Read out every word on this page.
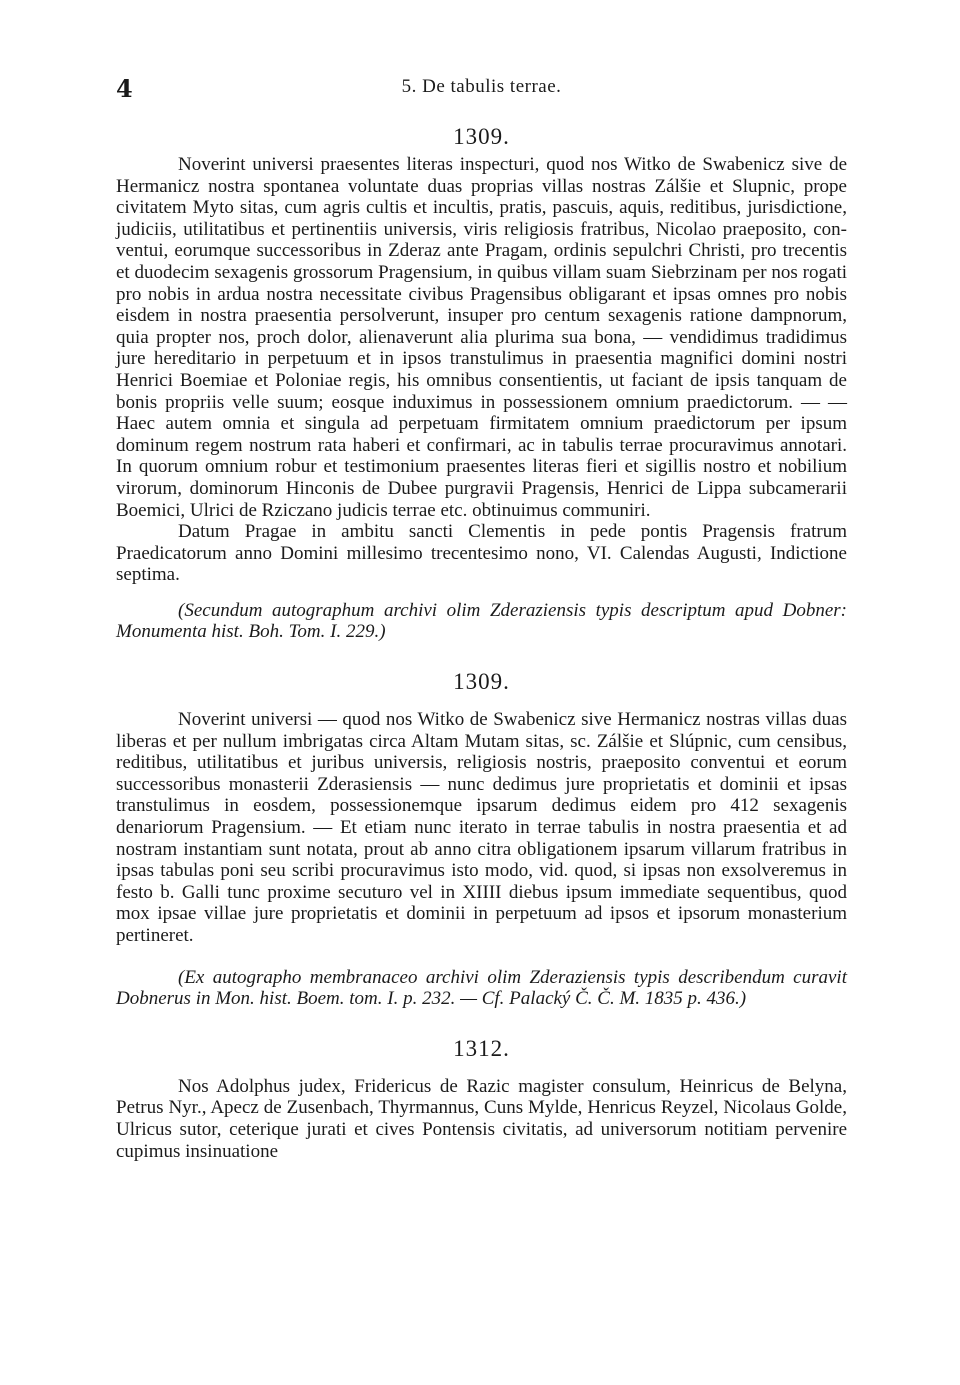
4	5. De tabulis terrae.
1309.

Noverint universi praesentes literas inspecturi, quod nos Witko de Swabenicz sive de Hermanicz nostra spontanea voluntate duas proprias villas nostras Zálšie et Slupnic, prope civitatem Myto sitas, cum agris cultis et incultis, pratis, pascuis, aquis, reditibus, jurisdictione, judiciis, utilitatibus et pertinentiis universis, viris religiosis fratribus, Nicolao praeposito, conventui, eorumque successoribus in Zderaz ante Pragam, ordinis sepulchri Christi, pro trecentis et duodecim sexagenis grossorum Pragensium, in quibus villam suam Siebrzinam per nos rogati pro nobis in ardua nostra necessitate civibus Pragensibus obligarant et ipsas omnes pro nobis eisdem in nostra praesentia persolverunt, insuper pro centum sexagenis ratione dampnorum, quia propter nos, proch dolor, alienaverunt alia plurima sua bona, — vendidimus tradidimus jure hereditario in perpetuum et in ipsos transtulimus in praesentia magnifici domini nostri Henrici Boemiae et Poloniae regis, his omnibus consentientis, ut faciant de ipsis tanquam de bonis propriis velle suum; eosque induximus in possessionem omnium praedictorum. — — Haec autem omnia et singula ad perpetuam firmitatem omnium praedictorum per ipsum dominum regem nostrum rata haberi et confirmari, ac in tabulis terrae procuravimus annotari. In quorum omnium robur et testimonium praesentes literas fieri et sigillis nostro et nobilium virorum, dominorum Hinconis de Dubee purgravii Pragensis, Henrici de Lippa subcamerarii Boemici, Ulrici de Rziczano judicis terrae etc. obtinuimus communiri.

Datum Pragae in ambitu sancti Clementis in pede pontis Pragensis fratrum Praedicatorum anno Domini millesimo trecentesimo nono, VI. Calendas Augusti, Indictione septima.

(Secundum autographum archivi olim Zderaziensis typis descriptum apud Dobner: Monumenta hist. Boh. Tom. I. 229.)

1309.

Noverint universi — quod nos Witko de Swabenicz sive Hermanicz nostras villas duas liberas et per nullum imbrigatas circa Altam Mutam sitas, sc. Zálšie et Slúpnic, cum censibus, reditibus, utilitatibus et juribus universis, religiosis nostris, praeposito conventui et eorum successoribus monasterii Zderasiensis — nunc dedimus jure proprietatis et dominii et ipsas transtulimus in eosdem, possessionemque ipsarum dedimus eidem pro 412 sexagenis denariorum Pragensium. — Et etiam nunc iterato in terrae tabulis in nostra praesentia et ad nostram instantiam sunt notata, prout ab anno citra obligationem ipsarum villarum fratribus in ipsas tabulas poni seu scribi procuravimus isto modo, vid. quod, si ipsas non exsolveremus in festo b. Galli tunc proxime secuturo vel in XIIII diebus ipsum immediate sequentibus, quod mox ipsae villae jure proprietatis et dominii in perpetuum ad ipsos et ipsorum monasterium pertineret.

(Ex autographo membranaceo archivi olim Zderaziensis typis describendum curavit Dobnerus in Mon. hist. Boem. tom. I. p. 232. — Cf. Palacký Č. Č. M. 1835 p. 436.)

1312.

Nos Adolphus judex, Fridericus de Razic magister consulum, Heinricus de Belyna, Petrus Nyr., Apecz de Zusenbach, Thyrmannus, Cuns Mylde, Henricus Reyzel, Nicolaus Golde, Ulricus sutor, ceterique jurati et cives Pontensis civitatis, ad universorum notitiam pervenire cupimus insinuatione
